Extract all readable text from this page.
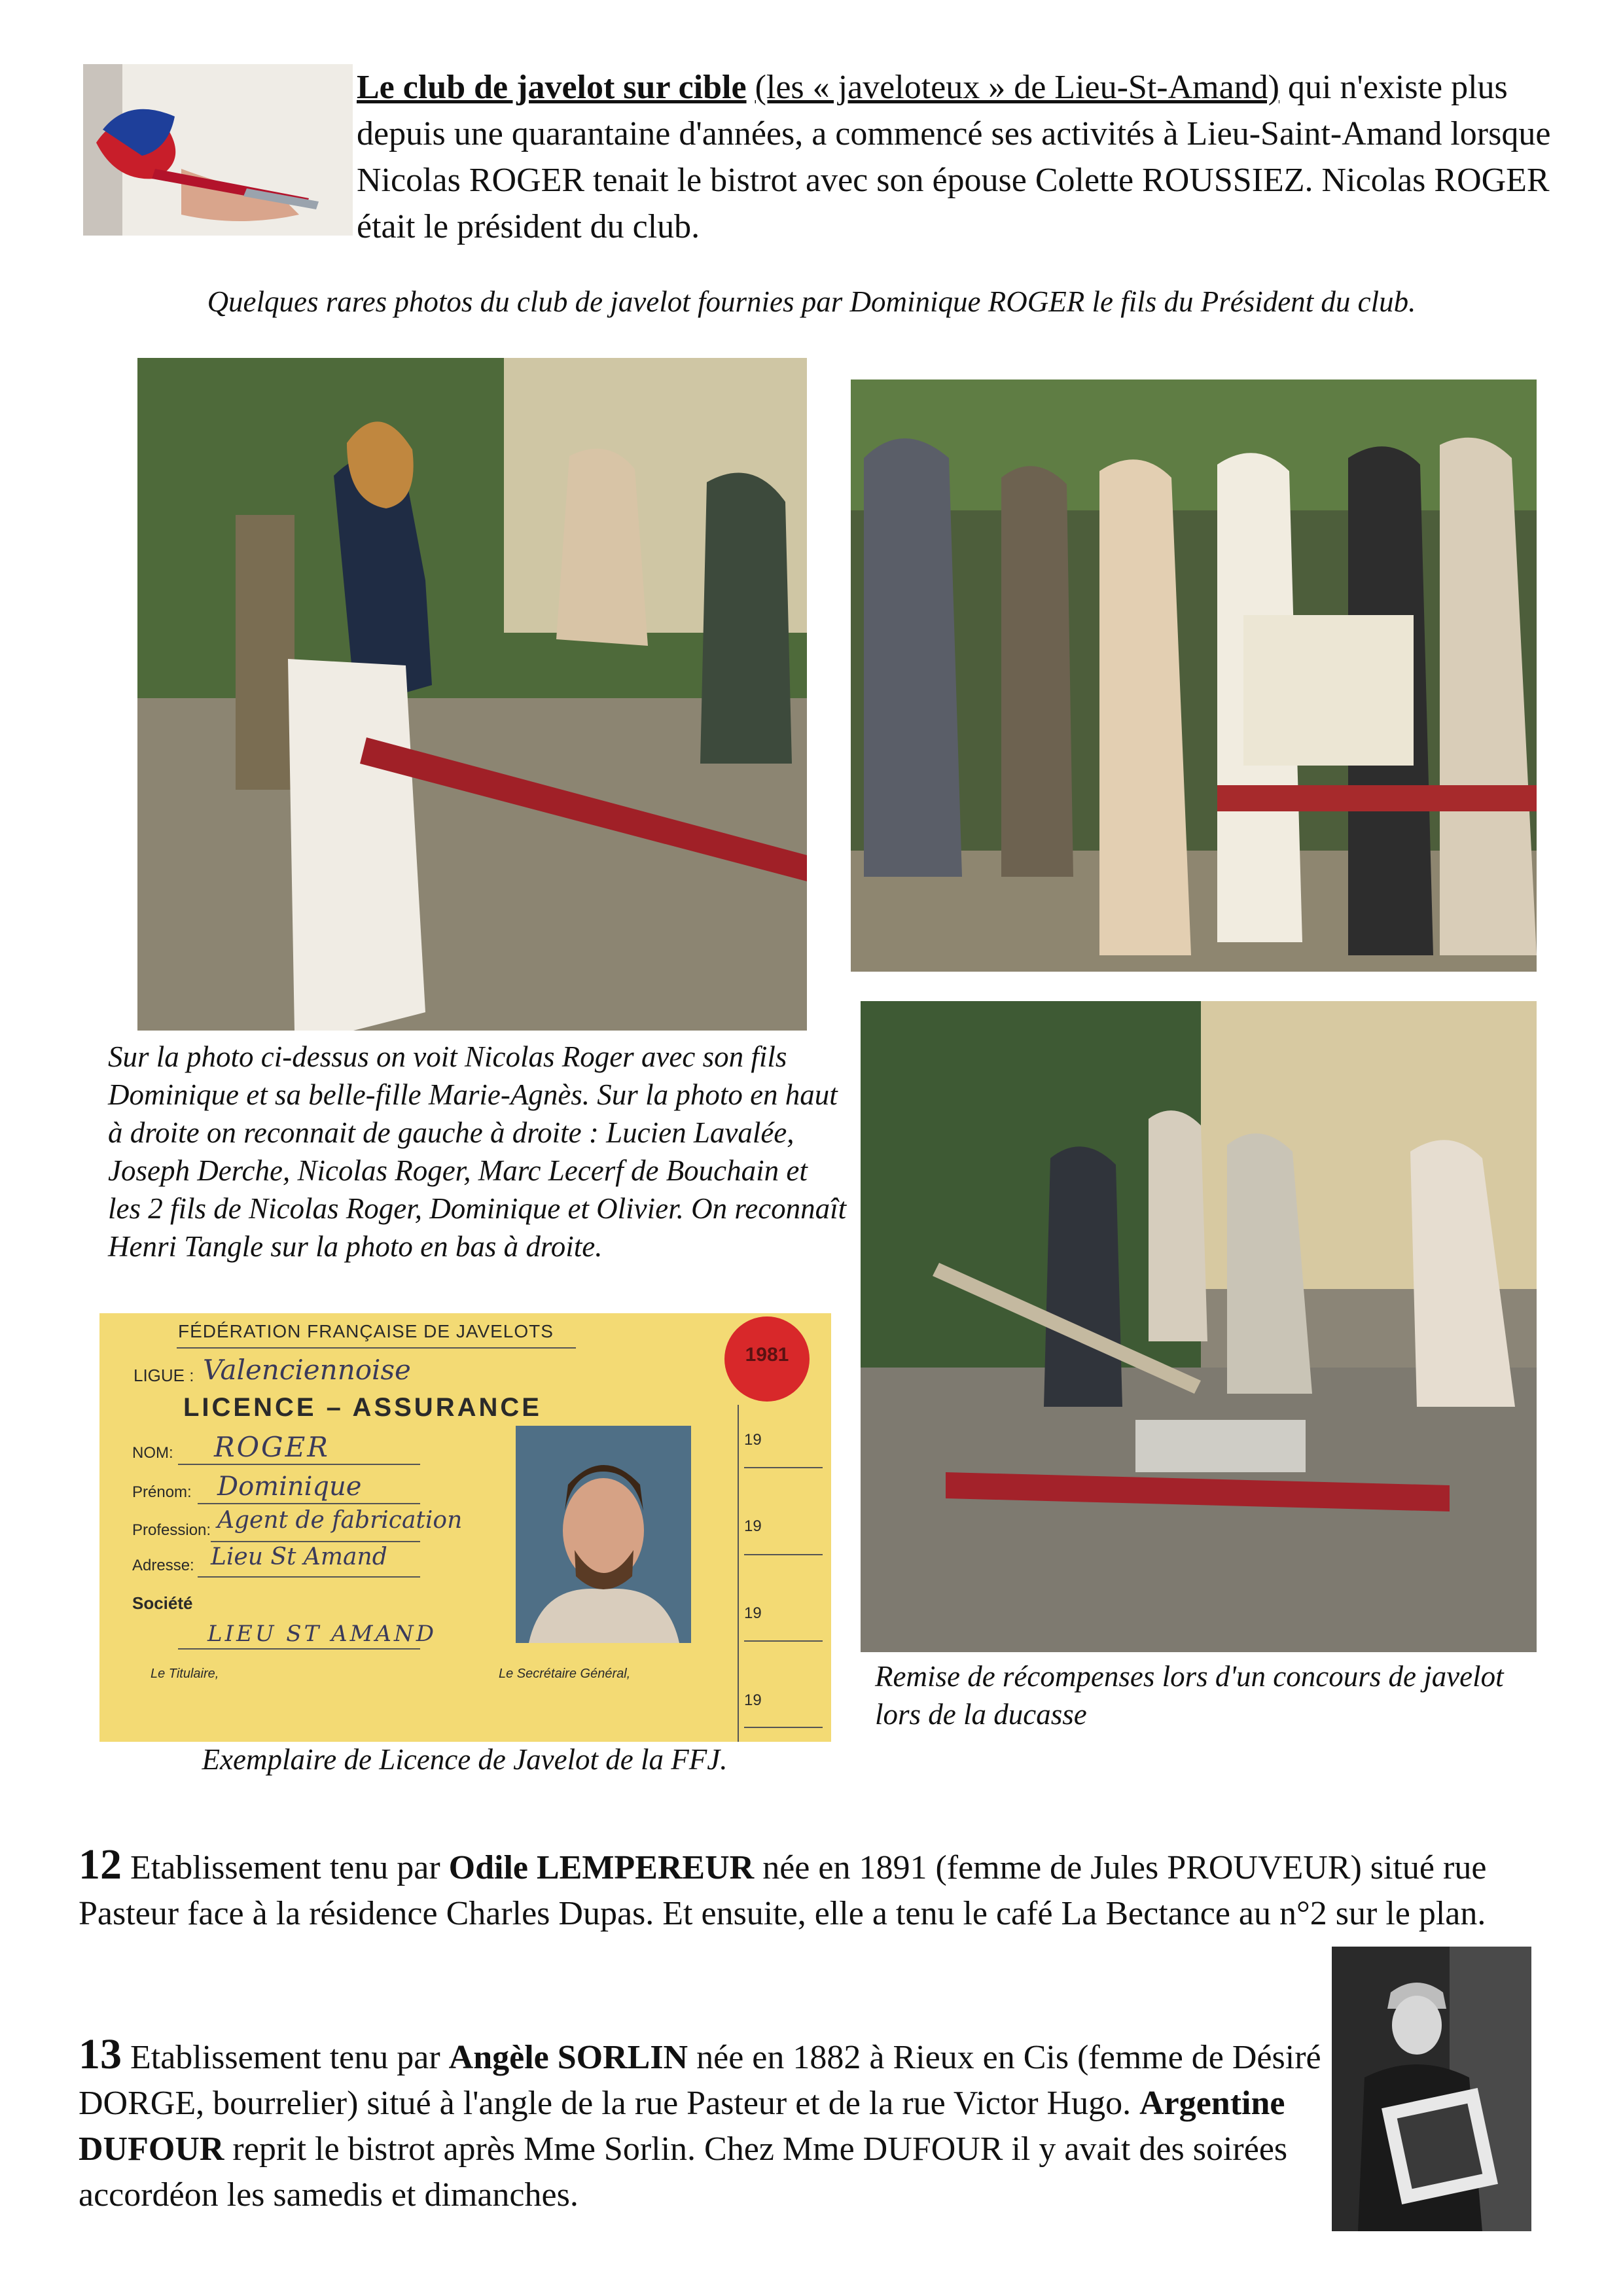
Le club de javelot sur cible (les « javeloteux » de Lieu-St-Amand) qui n'existe plus depuis une quarantaine d'années, a commencé ses activités à Lieu-Saint-Amand lorsque Nicolas ROGER tenait le bistrot avec son épouse Colette ROUSSIEZ. Nicolas ROGER était le président du club.
Quelques rares photos du club de javelot fournies par Dominique ROGER le fils du Président du club.
Sur la photo ci-dessus on voit Nicolas Roger avec son fils Dominique et sa belle-fille Marie-Agnès. Sur la photo en haut à droite on reconnait de gauche à droite : Lucien Lavalée, Joseph Derche, Nicolas Roger, Marc Lecerf de Bouchain et les 2 fils de Nicolas Roger, Dominique et Olivier. On reconnaît Henri Tangle sur la photo en bas à droite.
FÉDÉRATION FRANÇAISE DE JAVELOTS
LIGUE : Valenciennoise
LICENCE – ASSURANCE
NOM: ROGER
Prénom: Dominique
Profession: Agent de fabrication
Adresse: Lieu St Amand
Société
LIEU ST AMAND
Le Titulaire,	Le Secrétaire Général,
1981
19
19
19
19
Remise de récompenses lors d'un concours de javelot lors de la ducasse
Exemplaire de Licence de Javelot de la FFJ.
12 Etablissement tenu par Odile LEMPEREUR née en 1891 (femme de Jules PROUVEUR) situé rue Pasteur face à la résidence Charles Dupas. Et ensuite, elle a tenu le café La Bectance au n°2 sur le plan.
13 Etablissement tenu par Angèle SORLIN née en 1882 à Rieux en Cis (femme de Désiré DORGE, bourrelier) situé à l'angle de la rue Pasteur et de la rue Victor Hugo. Argentine DUFOUR reprit le bistrot après Mme Sorlin. Chez Mme DUFOUR il y avait des soirées accordéon les samedis et dimanches.
